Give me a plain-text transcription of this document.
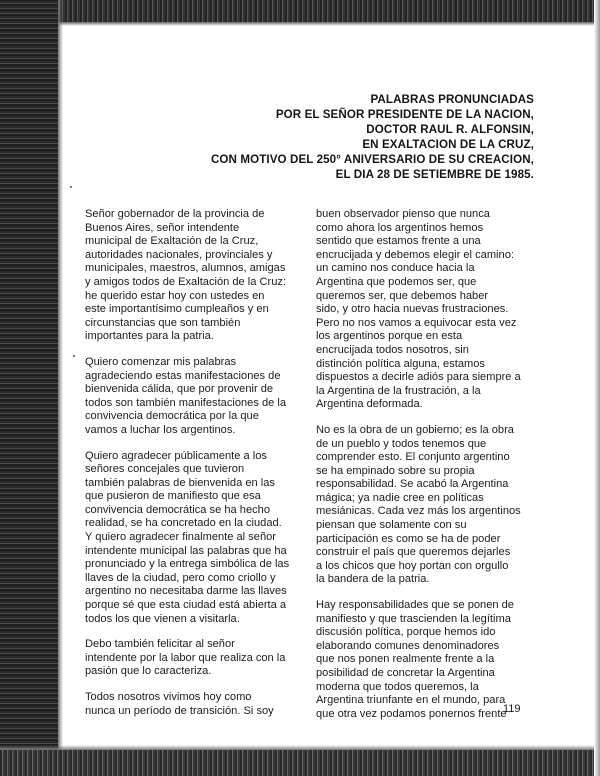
PALABRAS PRONUNCIADAS
POR EL SEÑOR PRESIDENTE DE LA NACION,
DOCTOR RAUL R. ALFONSIN,
EN EXALTACION DE LA CRUZ,
CON MOTIVO DEL 250° ANIVERSARIO DE SU CREACION,
EL DIA 28 DE SETIEMBRE DE 1985.

Señor gobernador de la provincia de
Buenos Aires, señor intendente
municipal de Exaltación de la Cruz,
autoridades nacionales, provinciales y
municipales, maestros, alumnos, amigas
y amigos todos de Exaltación de la Cruz:
he querido estar hoy con ustedes en
este importantísimo cumpleaños y en
circunstancias que son también
importantes para la patria.

Quiero comenzar mis palabras
agradeciendo estas manifestaciones de
bienvenida cálida, que por provenir de
todos son también manifestaciones de la
convivencia democrática por la que
vamos a luchar los argentinos.

Quiero agradecer públicamente a los
señores concejales que tuvieron
también palabras de bienvenida en las
que pusieron de manifiesto que esa
convivencia democrática se ha hecho
realidad, se ha concretado en la ciudad.
Y quiero agradecer finalmente al señor
intendente municipal las palabras que ha
pronunciado y la entrega simbólica de las
llaves de la ciudad, pero como criollo y
argentino no necesitaba darme las llaves
porque sé que esta ciudad está abierta a
todos los que vienen a visitarla.

Debo también felicitar al señor
intendente por la labor que realiza con la
pasión que lo caracteriza.

Todos nosotros vivimos hoy como
nunca un período de transición. Si soy

buen observador pienso que nunca
como ahora los argentinos hemos
sentido que estamos frente a una
encrucijada y debemos elegir el camino:
un camino nos conduce hacia la
Argentina que podemos ser, que
queremos ser, que debemos haber
sido, y otro hacia nuevas frustraciones.
Pero no nos vamos a equivocar esta vez
los argentinos porque en esta
encrucijada todos nosotros, sin
distinción política alguna, estamos
dispuestos a decirle adiós para siempre a
la Argentina de la frustración, a la
Argentina deformada.

No es la obra de un gobierno; es la obra
de un pueblo y todos tenemos que
comprender esto. El conjunto argentino
se ha empinado sobre su propia
responsabilidad. Se acabó la Argentina
mágica; ya nadie cree en políticas
mesiánicas. Cada vez más los argentinos
piensan que solamente con su
participación es como se ha de poder
construir el país que queremos dejarles
a los chicos que hoy portan con orgullo
la bandera de la patria.

Hay responsabilidades que se ponen de
manifiesto y que trascienden la legítima
discusión política, porque hemos ido
elaborando comunes denominadores
que nos ponen realmente frente a la
posibilidad de concretar la Argentina
moderna que todos queremos, la
Argentina triunfante en el mundo, para
que otra vez podamos ponernos frente

119
